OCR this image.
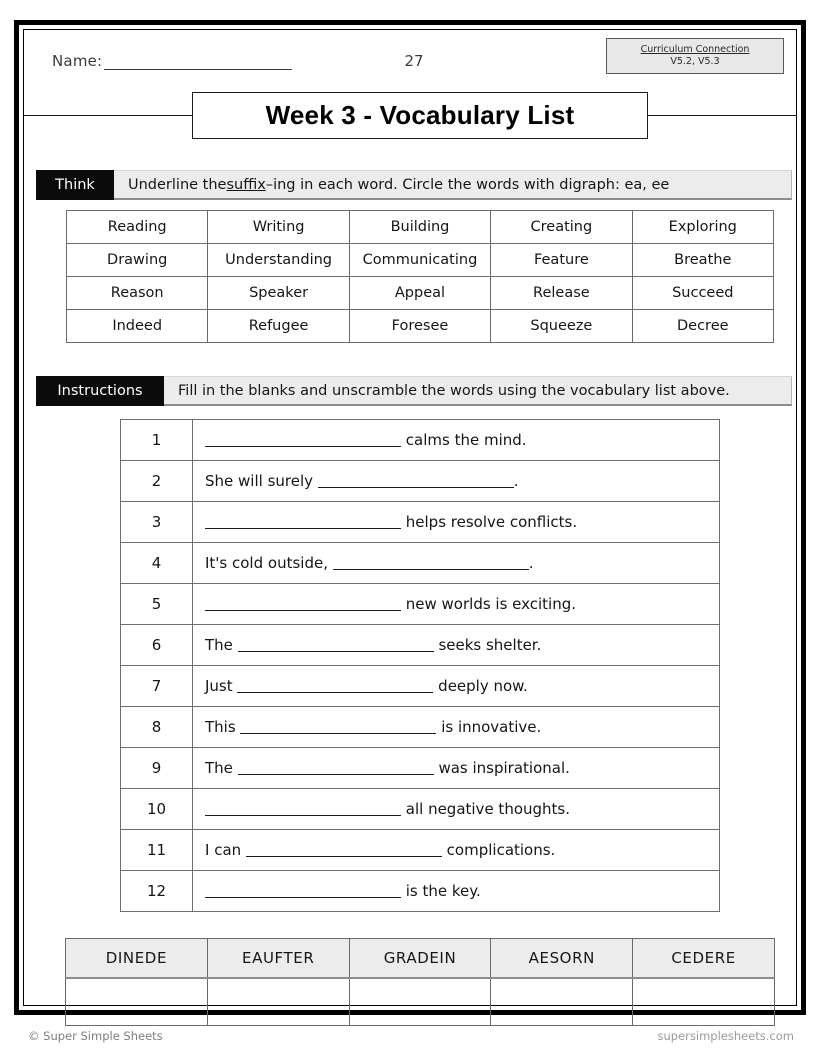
Name:	27
Curriculum Connection
V5.2, V5.3
Week 3 - Vocabulary List
Think	Underline the suffix –ing in each word. Circle the words with digraph: ea, ee
Reading	Writing	Building	Creating	Exploring
Drawing	Understanding	Communicating	Feature	Breathe
Reason	Speaker	Appeal	Release	Succeed
Indeed	Refugee	Foresee	Squeeze	Decree
Instructions	Fill in the blanks and unscramble the words using the vocabulary list above.
1	calms the mind.
2	She will surely .
3	helps resolve conflicts.
4	It's cold outside, .
5	new worlds is exciting.
6	The seeks shelter.
7	Just deeply now.
8	This is innovative.
9	The was inspirational.
10	all negative thoughts.
11	I can complications.
12	is the key.
DINEDE	EAUFTER	GRADEIN	AESORN	CEDERE

© Super Simple Sheets	supersimplesheets.com
